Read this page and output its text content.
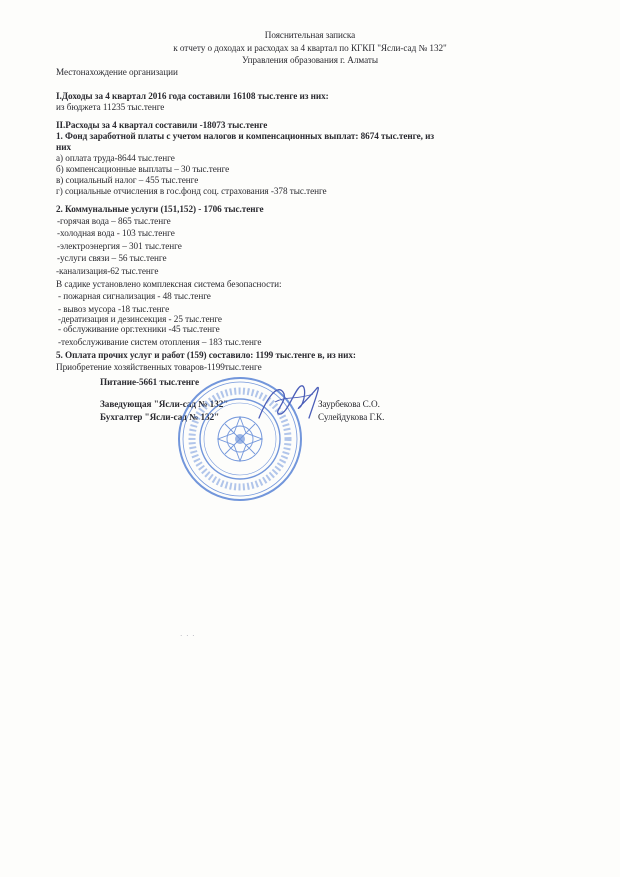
Пояснительная записка
к отчету о доходах и расходах за 4 квартал по КГКП "Ясли-сад № 132"
Управления образования г. Алматы
Местонахождение организации
I.Доходы за 4 квартал 2016 года составили 16108 тыс.тенге из них:
из бюджета 11235 тыс.тенге
II.Расходы за 4 квартал составили -18073 тыс.тенге
1. Фонд заработной платы с учетом налогов и компенсационных выплат: 8674 тыс.тенге, из
них
а) оплата труда-8644 тыс.тенге
б) компенсационные выплаты – 30 тыс.тенге
в) социальный налог – 455 тыс.тенге
г) социальные отчисления в гос.фонд соц. страхования -378 тыс.тенге
2. Коммунальные услуги (151,152) - 1706 тыс.тенге
-горячая вода – 865 тыс.тенге
-холодная вода - 103 тыс.тенге
-электроэнергия – 301 тыс.тенге
-услуги связи – 56 тыс.тенге
-канализация-62 тыс.тенге
В садике установлено комплексная система безопасности:
- пожарная сигнализация - 48 тыс.тенге
- вывоз мусора -18 тыс.тенге
-дератизация и дезинсекция - 25 тыс.тенге
- обслуживание орг.техники -45 тыс.тенге
-техобслуживание систем отопления – 183 тыс.тенге
5. Оплата прочих услуг и работ (159) составило: 1199 тыс.тенге в, из них:
Приобретение хозяйственных товаров-1199тыс.тенге
Питание-5661 тыс.тенге
Заведующая "Ясли-сад № 132"	Заурбекова С.О.
Бухгалтер "Ясли-сад № 132"	Сулейдукова Г.К.
· · ·
